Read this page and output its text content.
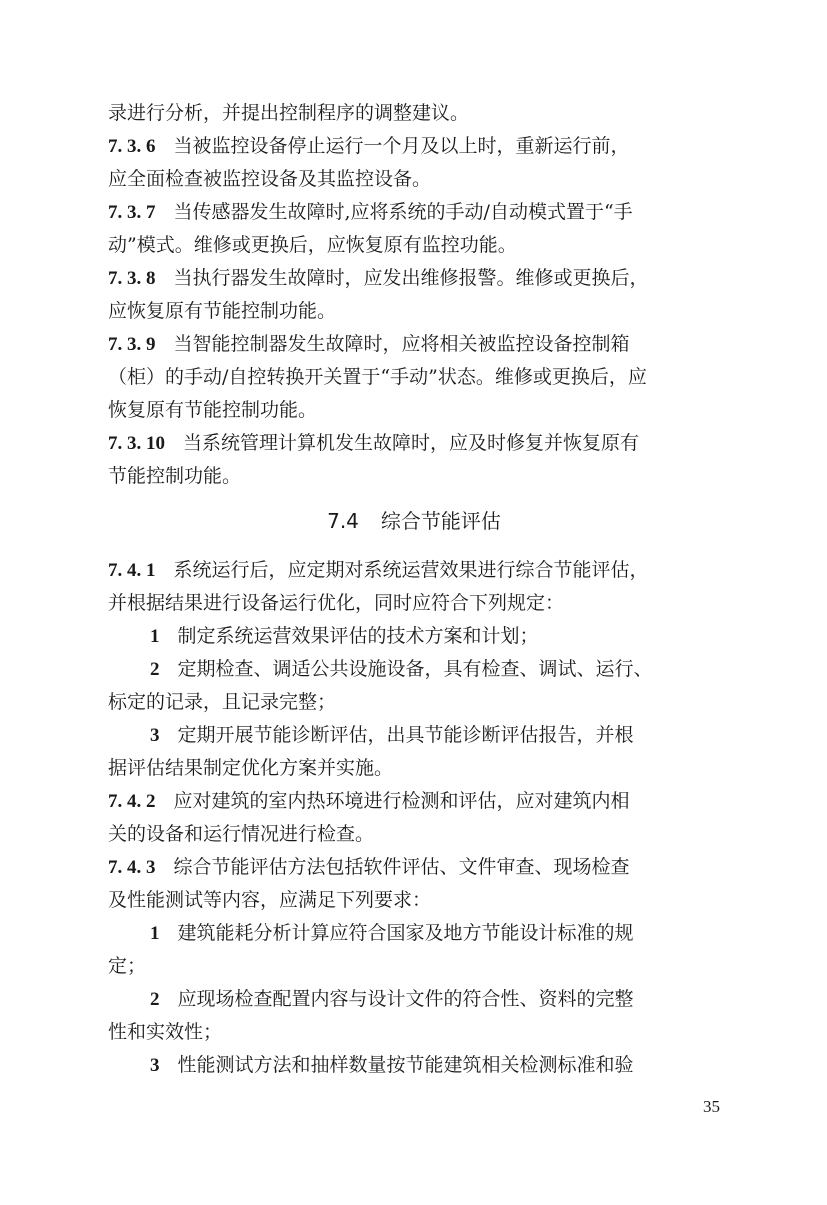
录进行分析，并提出控制程序的调整建议。
7. 3. 6 当被监控设备停止运行一个月及以上时，重新运行前，
应全面检查被监控设备及其监控设备。
7. 3. 7 当传感器发生故障时,应将系统的手动/自动模式置于“手
动”模式。维修或更换后，应恢复原有监控功能。
7. 3. 8 当执行器发生故障时，应发出维修报警。维修或更换后，
应恢复原有节能控制功能。
7. 3. 9 当智能控制器发生故障时，应将相关被监控设备控制箱
（柜）的手动/自控转换开关置于“手动”状态。维修或更换后，应
恢复原有节能控制功能。
7. 3. 10 当系统管理计算机发生故障时，应及时修复并恢复原有
节能控制功能。
7.4 综合节能评估
7. 4. 1 系统运行后，应定期对系统运营效果进行综合节能评估，
并根据结果进行设备运行优化，同时应符合下列规定：
1 制定系统运营效果评估的技术方案和计划；
2 定期检查、调适公共设施设备，具有检查、调试、运行、
标定的记录，且记录完整；
3 定期开展节能诊断评估，出具节能诊断评估报告，并根
据评估结果制定优化方案并实施。
7. 4. 2 应对建筑的室内热环境进行检测和评估，应对建筑内相
关的设备和运行情况进行检查。
7. 4. 3 综合节能评估方法包括软件评估、文件审查、现场检查
及性能测试等内容，应满足下列要求：
1 建筑能耗分析计算应符合国家及地方节能设计标准的规
定；
2 应现场检查配置内容与设计文件的符合性、资料的完整
性和实效性；
3 性能测试方法和抽样数量按节能建筑相关检测标准和验
35
